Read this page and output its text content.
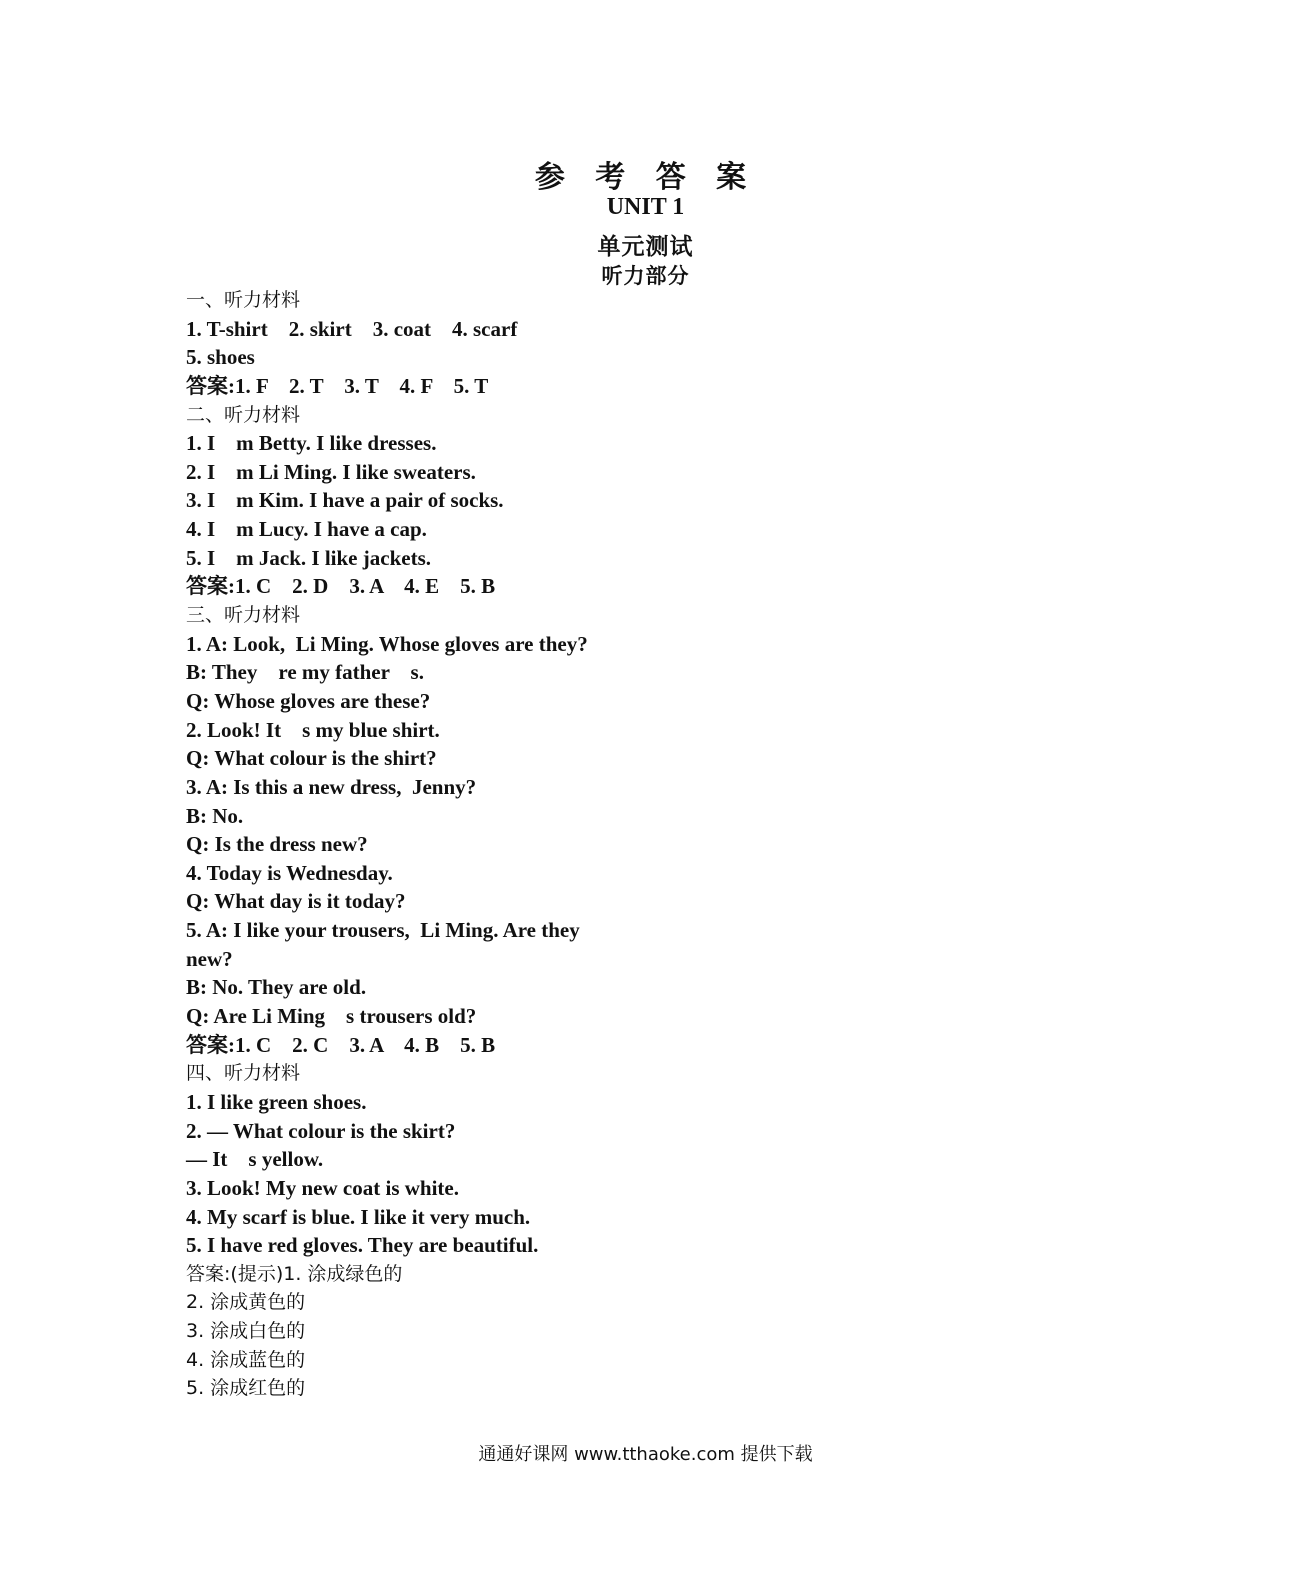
参 考 答 案
UNIT 1
单元测试
听力部分
一、听力材料
1. T-shirt    2. skirt    3. coat    4. scarf
5. shoes
答案:1. F    2. T    3. T    4. F    5. T
二、听力材料
1. I    m Betty. I like dresses.
2. I    m Li Ming. I like sweaters.
3. I    m Kim. I have a pair of socks.
4. I    m Lucy. I have a cap.
5. I    m Jack. I like jackets.
答案:1. C    2. D    3. A    4. E    5. B
三、听力材料
1. A: Look,  Li Ming. Whose gloves are they?
B: They    re my father    s.
Q: Whose gloves are these?
2. Look! It    s my blue shirt.
Q: What colour is the shirt?
3. A: Is this a new dress,  Jenny?
B: No.
Q: Is the dress new?
4. Today is Wednesday.
Q: What day is it today?
5. A: I like your trousers,  Li Ming. Are they
new?
B: No. They are old.
Q: Are Li Ming    s trousers old?
答案:1. C    2. C    3. A    4. B    5. B
四、听力材料
1. I like green shoes.
2. — What colour is the skirt?
— It    s yellow.
3. Look! My new coat is white.
4. My scarf is blue. I like it very much.
5. I have red gloves. They are beautiful.
答案:(提示)1. 涂成绿色的
2. 涂成黄色的
3. 涂成白色的
4. 涂成蓝色的
5. 涂成红色的
通通好课网 www.tthaoke.com 提供下载
